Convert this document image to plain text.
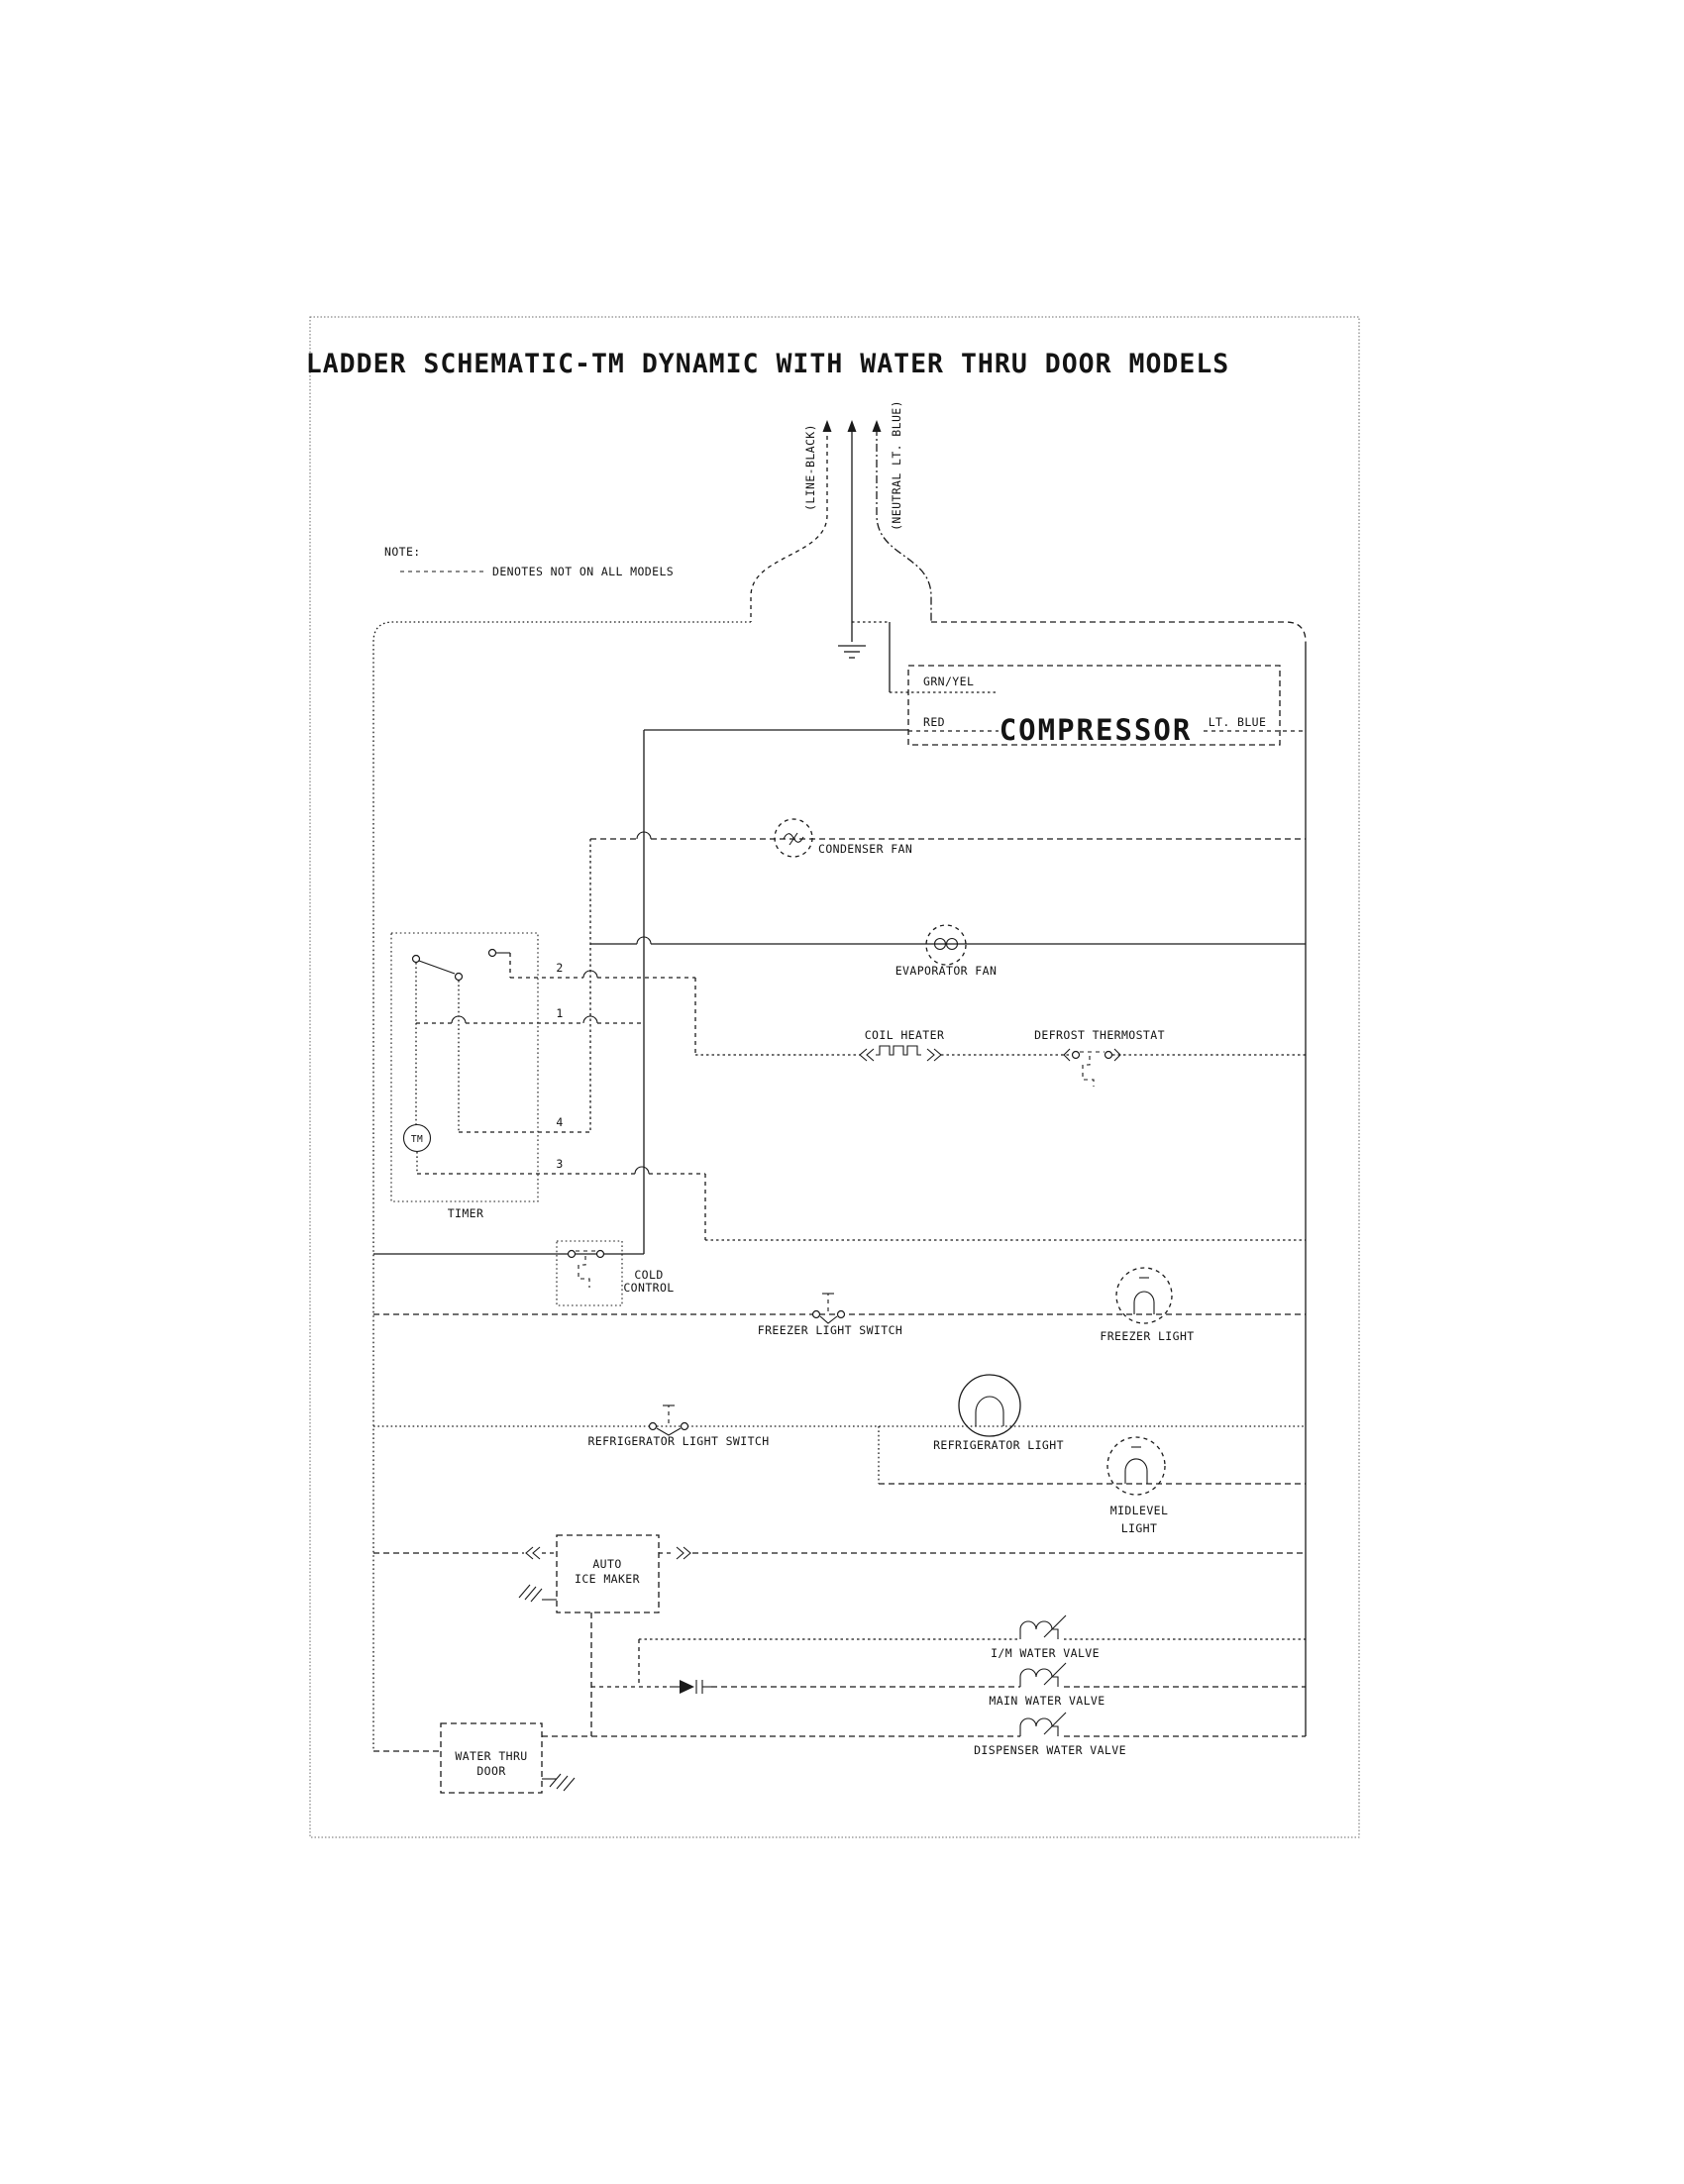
LADDER SCHEMATIC-TM DYNAMIC WITH WATER THRU DOOR MODELS
NOTE:
DENOTES NOT ON ALL MODELS
(LINE-BLACK)	(NEUTRAL LT. BLUE)
GRN/YEL
RED	LT. BLUE
COMPRESSOR
CONDENSER FAN
EVAPORATOR FAN
COIL HEATER	DEFROST THERMOSTAT
TIMER
TM
2
1
4
3
COLD
CONTROL
FREEZER LIGHT SWITCH	FREEZER LIGHT
REFRIGERATOR LIGHT SWITCH	REFRIGERATOR LIGHT
MIDLEVEL
LIGHT
AUTO
ICE MAKER
I/M WATER VALVE
MAIN WATER VALVE
DISPENSER WATER VALVE
WATER THRU
DOOR
